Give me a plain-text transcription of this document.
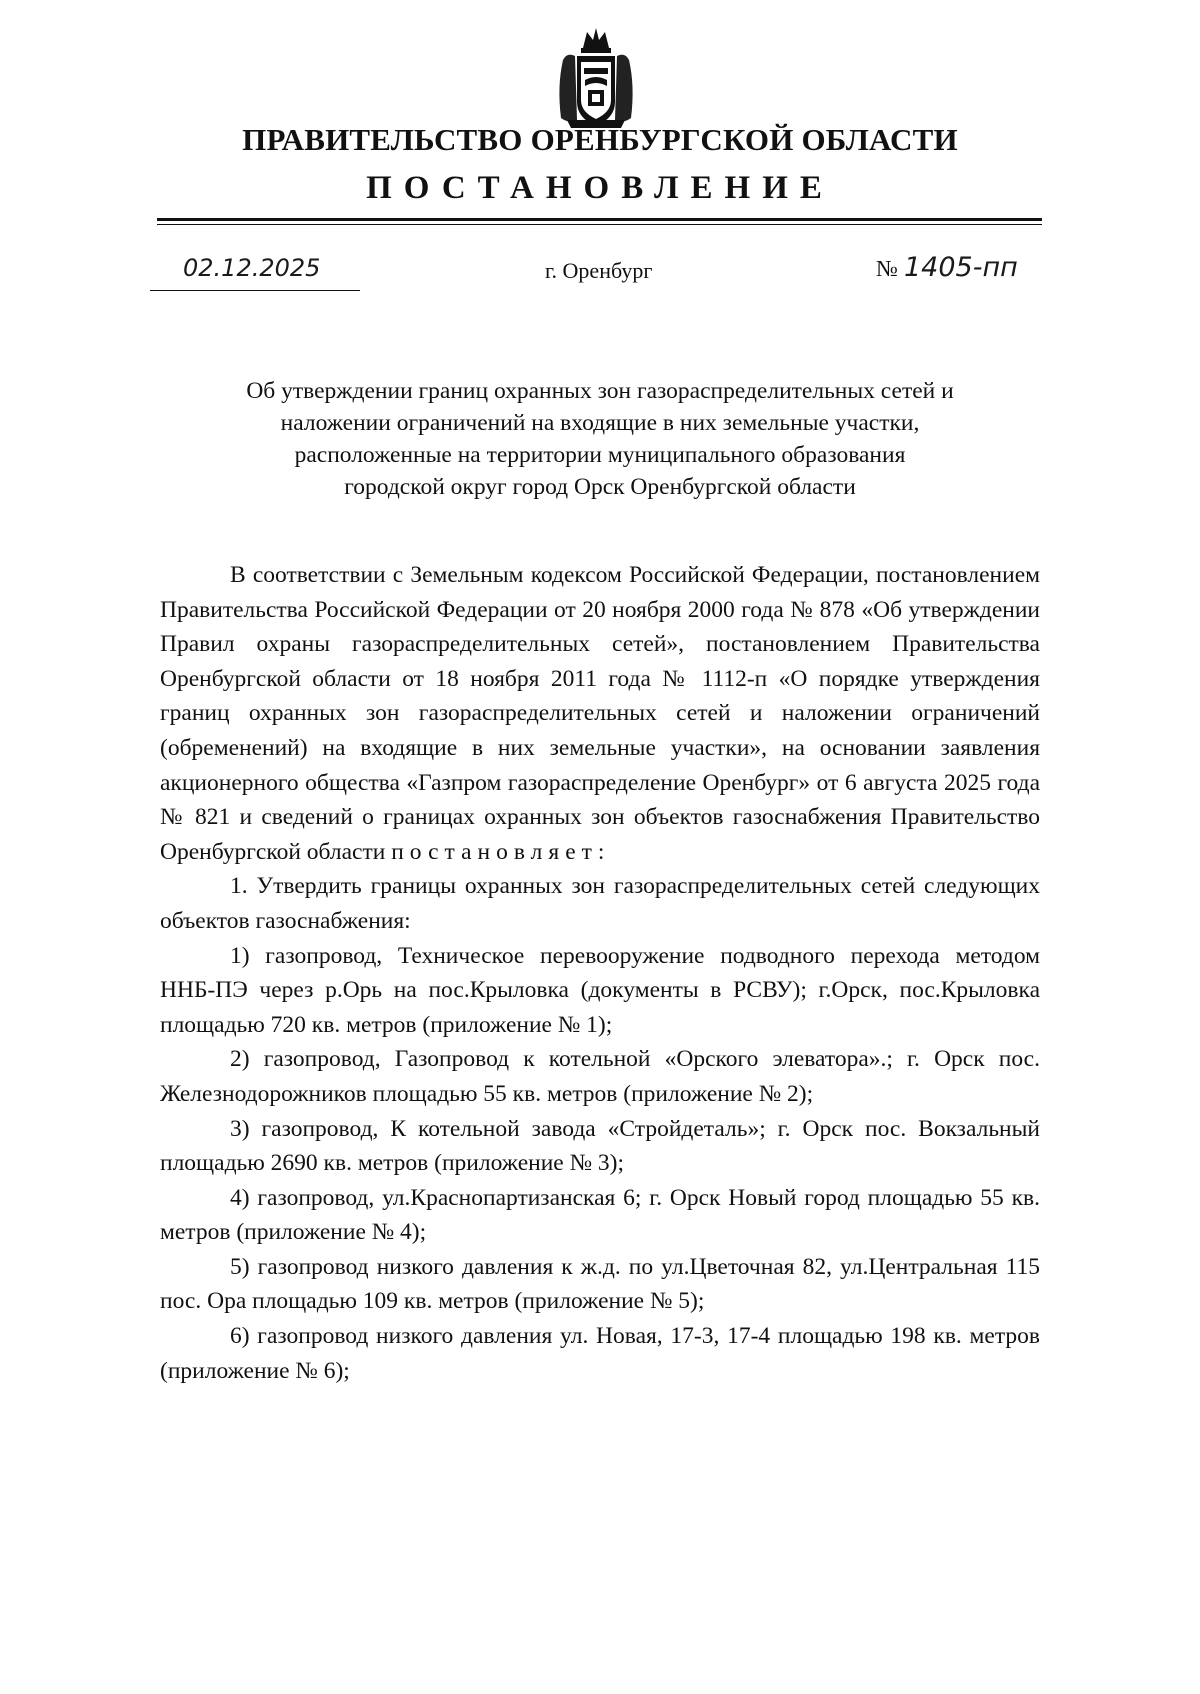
ПРАВИТЕЛЬСТВО ОРЕНБУРГСКОЙ ОБЛАСТИ
ПОСТАНОВЛЕНИЕ
02.12.2025	г. Оренбург	№ 1405-пп
Об утверждении границ охранных зон газораспределительных сетей и
наложении ограничений на входящие в них земельные участки,
расположенные на территории муниципального образования
городской округ город Орск Оренбургской области

В соответствии с Земельным кодексом Российской Федерации, постановлением Правительства Российской Федерации от 20 ноября 2000 года № 878 «Об утверждении Правил охраны газораспределительных сетей», постановлением Правительства Оренбургской области от 18 ноября 2011 года № 1112-п «О порядке утверждения границ охранных зон газораспределительных сетей и наложении ограничений (обременений) на входящие в них земельные участки», на основании заявления акционерного общества «Газпром газораспределение Оренбург» от 6 августа 2025 года № 821 и сведений о границах охранных зон объектов газоснабжения Правительство Оренбургской области постановляет:

1. Утвердить границы охранных зон газораспределительных сетей следующих объектов газоснабжения:

1) газопровод, Техническое перевооружение подводного перехода методом ННБ-ПЭ через р.Орь на пос.Крыловка (документы в РСВУ); г.Орск, пос.Крыловка площадью 720 кв. метров (приложение № 1);

2) газопровод, Газопровод к котельной «Орского элеватора».; г. Орск пос. Железнодорожников площадью 55 кв. метров (приложение № 2);

3) газопровод, К котельной завода «Стройдеталь»; г. Орск пос. Вокзальный площадью 2690 кв. метров (приложение № 3);

4) газопровод, ул.Краснопартизанская 6; г. Орск Новый город площадью 55 кв. метров (приложение № 4);

5) газопровод низкого давления к ж.д. по ул.Цветочная 82, ул.Центральная 115 пос. Ора площадью 109 кв. метров (приложение № 5);

6) газопровод низкого давления ул. Новая, 17-3, 17-4 площадью 198 кв. метров (приложение № 6);
